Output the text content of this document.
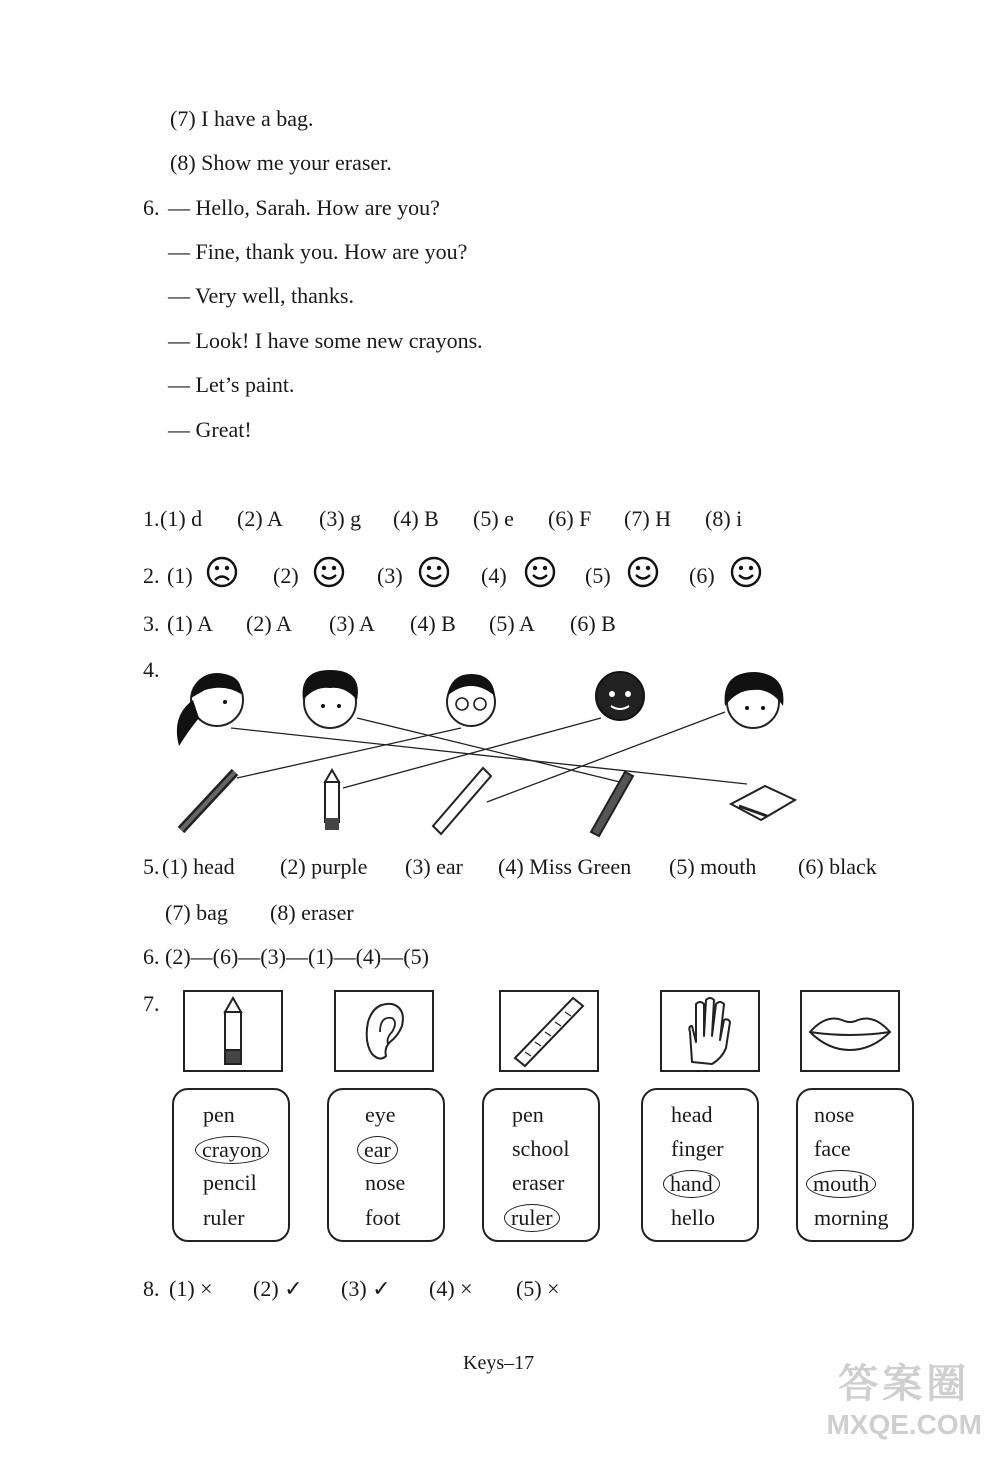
(7) I have a bag.
(8) Show me your eraser.
6. — Hello, Sarah. How are you?
— Fine, thank you. How are you?
— Very well, thanks.
— Look! I have some new crayons.
— Let’s paint.
— Great!
1. (1) d (2) A (3) g (4) B (5) e (6) F (7) H (8) i
2. (1)	(2)	(3)	(4)	(5)	(6)
3. (1) A (2) A (3) A (4) B (5) A (6) B
4.
5. (1) head (2) purple (3) ear (4) Miss Green (5) mouth (6) black
(7) bag (8) eraser
6. (2)—(6)—(3)—(1)—(4)—(5)
7.
pen
crayon
pencil
ruler
eye
ear
nose
foot
pen
school
eraser
ruler
head
finger
hand
hello
nose
face
mouth
morning
8. (1) × (2) ✓ (3) ✓ (4) × (5) ×
Keys–17	答案圈
MXQE.COM
